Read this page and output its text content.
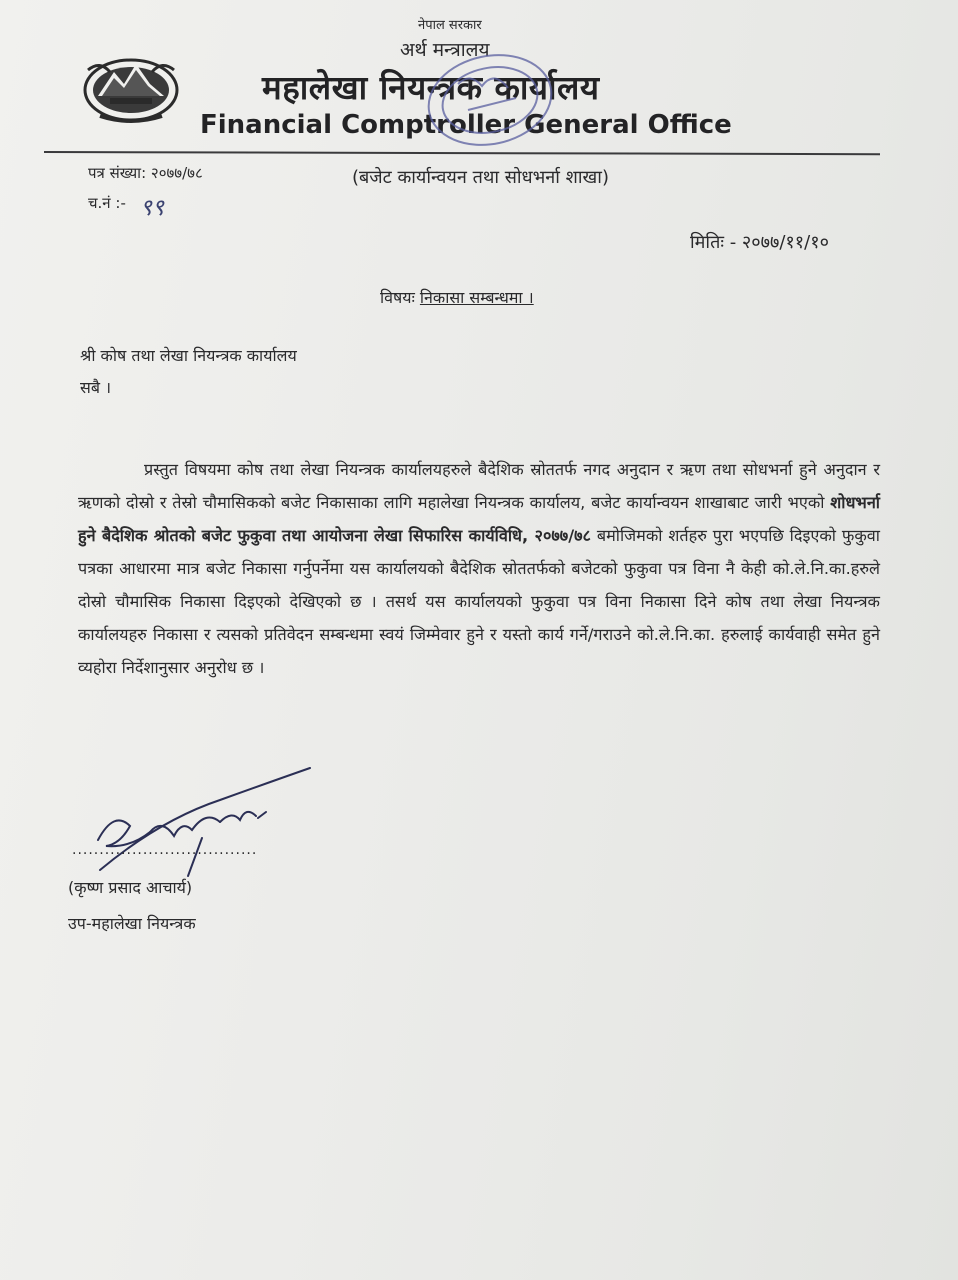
नेपाल सरकार
अर्थ मन्त्रालय
महालेखा नियन्त्रक कार्यालय
Financial Comptroller General Office
पत्र संख्या: २०७७/७८
च.नं :- ९९
(बजेट कार्यान्वयन तथा सोधभर्ना शाखा)
मितिः - २०७७/११/१०
विषयः निकासा सम्बन्धमा ।
श्री कोष तथा लेखा नियन्त्रक कार्यालय
सबै ।

प्रस्तुत विषयमा कोष तथा लेखा नियन्त्रक कार्यालयहरुले बैदेशिक स्रोततर्फ नगद अनुदान र ऋण तथा सोधभर्ना हुने अनुदान र ऋणको दोस्रो र तेस्रो चौमासिकको बजेट निकासाका लागि महालेखा नियन्त्रक कार्यालय, बजेट कार्यान्वयन शाखाबाट जारी भएको शोधभर्ना हुने बैदेशिक श्रोतको बजेट फुकुवा तथा आयोजना लेखा सिफारिस कार्यविधि, २०७७/७८ बमोजिमको शर्तहरु पुरा भएपछि दिइएको फुकुवा पत्रका आधारमा मात्र बजेट निकासा गर्नुपर्नेमा यस कार्यालयको बैदेशिक स्रोततर्फको बजेटको फुकुवा पत्र विना नै केही को.ले.नि.का.हरुले दोस्रो चौमासिक निकासा दिइएको देखिएको छ । तसर्थ यस कार्यालयको फुकुवा पत्र विना निकासा दिने कोष तथा लेखा नियन्त्रक कार्यालयहरु निकासा र त्यसको प्रतिवेदन सम्बन्धमा स्वयं जिम्मेवार हुने र यस्तो कार्य गर्ने/गराउने को.ले.नि.का. हरुलाई कार्यवाही समेत हुने व्यहोरा निर्देशानुसार अनुरोध छ ।

..................................
(कृष्ण प्रसाद आचार्य)
उप-महालेखा नियन्त्रक
